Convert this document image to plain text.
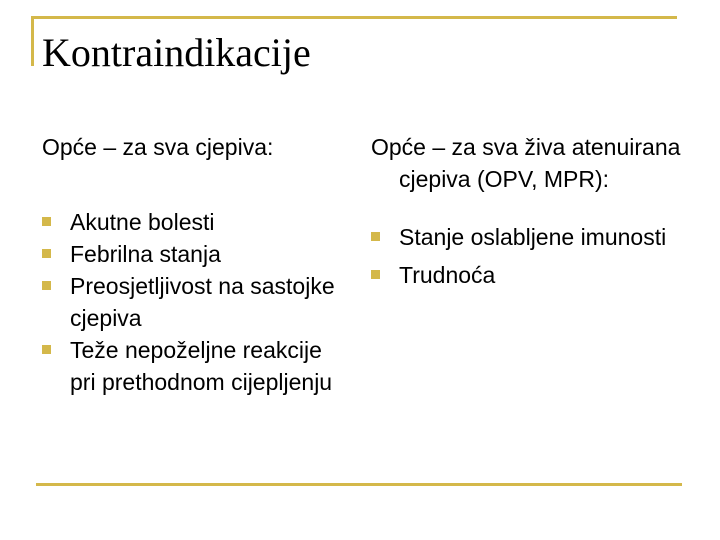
Kontraindikacije

Opće – za sva cjepiva:

Akutne bolesti
Febrilna stanja
Preosjetljivost na sastojke cjepiva
Teže nepoželjne reakcije pri prethodnom cijepljenju

Opće – za sva živa atenuirana cjepiva (OPV, MPR):

Stanje oslabljene imunosti
Trudnoća
